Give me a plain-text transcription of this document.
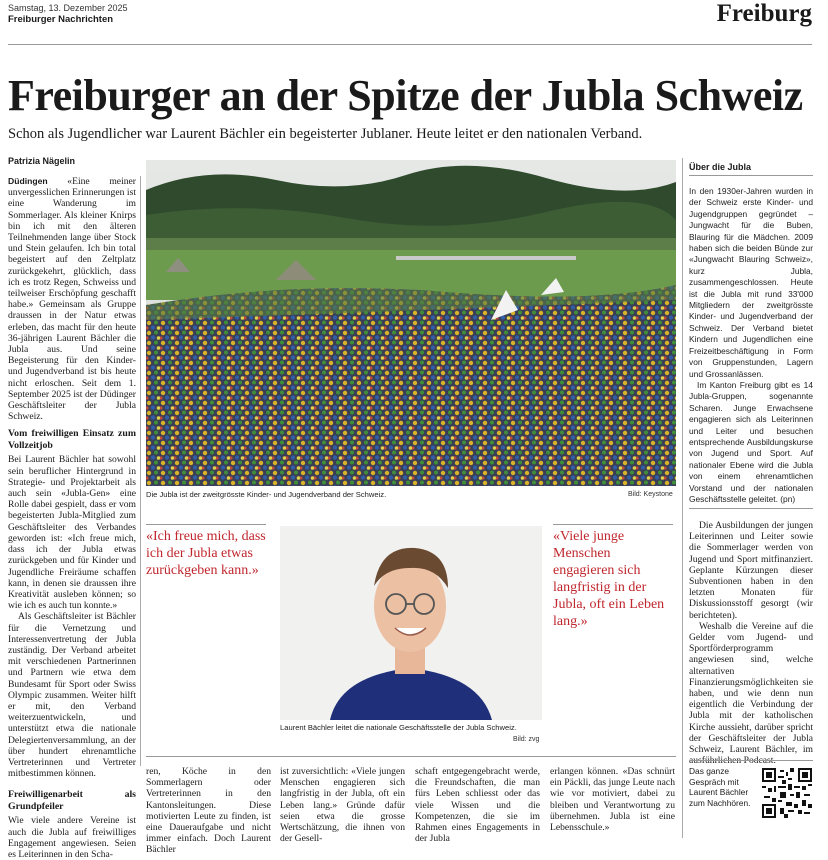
Samstag, 13. Dezember 2025
Freiburger Nachrichten	Freiburg
Freiburger an der Spitze der Jubla Schweiz
Schon als Jugendlicher war Laurent Bächler ein begeisterter Jublaner. Heute leitet er den nationalen Verband.
Patrizia Nägelin

Düdingen «Eine meiner unvergesslichen Erinnerungen ist eine Wanderung im Sommerlager. Als kleiner Knirps bin ich mit den älteren Teilnehmenden lange über Stock und Stein gelaufen. Ich bin total begeistert auf den Zeltplatz zurückgekehrt, glücklich, dass ich es trotz Regen, Schweiss und teilweiser Erschöpfung geschafft habe.» Gemeinsam als Gruppe draussen in der Natur etwas erleben, das macht für den heute 36-jährigen Laurent Bächler die Jubla aus. Und seine Begeisterung für den Kinder- und Jugendverband ist bis heute nicht erloschen. Seit dem 1. September 2025 ist der Düdinger Geschäftsleiter der Jubla Schweiz.

Vom freiwilligen Einsatz zum Vollzeitjob

Bei Laurent Bächler hat sowohl sein beruflicher Hintergrund in Strategie- und Projektarbeit als auch sein «Jubla-Gen» eine Rolle dabei gespielt, dass er vom begeisterten Jubla-Mitglied zum Geschäftsleiter des Verbandes geworden ist: «Ich freue mich, dass ich der Jubla etwas zurückgeben und für Kinder und Jugendliche Freiräume schaffen kann, in denen sie draussen ihre Kreativität ausleben können; so wie ich es auch tun konnte.»

Als Geschäftsleiter ist Bächler für die Vernetzung und Interessenvertretung der Jubla zuständig. Der Verband arbeitet mit verschiedenen Partnerinnen und Partnern wie etwa dem Bundesamt für Sport oder Swiss Olympic zusammen. Weiter hilft er mit, den Verband weiterzuentwickeln, und unterstützt etwa die nationale Delegiertenversammlung, an der über hundert ehrenamtliche Vertreterinnen und Vertreter mitbestimmen können.

Freiwilligenarbeit als Grundpfeiler

Wie viele andere Vereine ist auch die Jubla auf freiwilliges Engagement angewiesen. Seien es Leiterinnen in den Scha-

Die Jubla ist der zweitgrösste Kinder- und Jugendverband der Schweiz.	Bild: Keystone
«Ich freue mich, dass ich der Jubla etwas zurückgeben kann.»
Laurent Bächler leitet die nationale Geschäftsstelle der Jubla Schweiz.
Bild: zvg
«Viele junge Menschen engagieren sich langfristig in der Jubla, oft ein Leben lang.»
ren, Köche in den Sommerlagern oder Vertreterinnen in den Kantonsleitungen. Diese motivierten Leute zu finden, ist eine Daueraufgabe und nicht immer einfach. Doch Laurent Bächler
ist zuversichtlich: «Viele jungen Menschen engagieren sich langfristig in der Jubla, oft ein Leben lang.» Gründe dafür seien etwa die grosse Wertschätzung, die ihnen von der Gesell-
schaft entgegengebracht werde, die Freundschaften, die man fürs Leben schliesst oder das viele Wissen und die Kompetenzen, die sie im Rahmen eines Engagements in der Jubla
erlangen können. «Das schnürt ein Päckli, das junge Leute nach wie vor motiviert, dabei zu bleiben und Verantwortung zu übernehmen. Jubla ist eine Lebensschule.»
Über die Jubla

In den 1930er-Jahren wurden in der Schweiz erste Kinder- und Jugendgruppen gegründet – Jungwacht für die Buben, Blauring für die Mädchen. 2009 haben sich die beiden Bünde zur «Jungwacht Blauring Schweiz», kurz Jubla, zusammengeschlossen. Heute ist die Jubla mit rund 33'000 Mitgliedern der zweitgrösste Kinder- und Jugendverband der Schweiz. Der Verband bietet Kindern und Jugendlichen eine Freizeitbeschäftigung in Form von Gruppenstunden, Lagern und Grossanlässen.

Im Kanton Freiburg gibt es 14 Jubla-Gruppen, sogenannte Scharen. Junge Erwachsene engagieren sich als Leiterinnen und Leiter und besuchen entsprechende Ausbildungskurse von Jugend und Sport. Auf nationaler Ebene wird die Jubla von einem ehrenamtlichen Vorstand und der nationalen Geschäftsstelle geleitet. (pn)

Die Ausbildungen der jungen Leiterinnen und Leiter sowie die Sommerlager werden von Jugend und Sport mitfinanziert. Geplante Kürzungen dieser Subventionen haben in den letzten Monaten für Diskussionsstoff gesorgt (wir berichteten).

Weshalb die Vereine auf die Gelder vom Jugend- und Sportförderprogramm angewiesen sind, welche alternativen Finanzierungsmöglichkeiten sie haben, und wie denn nun eigentlich die Verbindung der Jubla mit der katholischen Kirche aussieht, darüber spricht der Geschäftsleiter der Jubla Schweiz, Laurent Bächler, im

Das ganze Gespräch mit Laurent Bächler zum Nachhören.
